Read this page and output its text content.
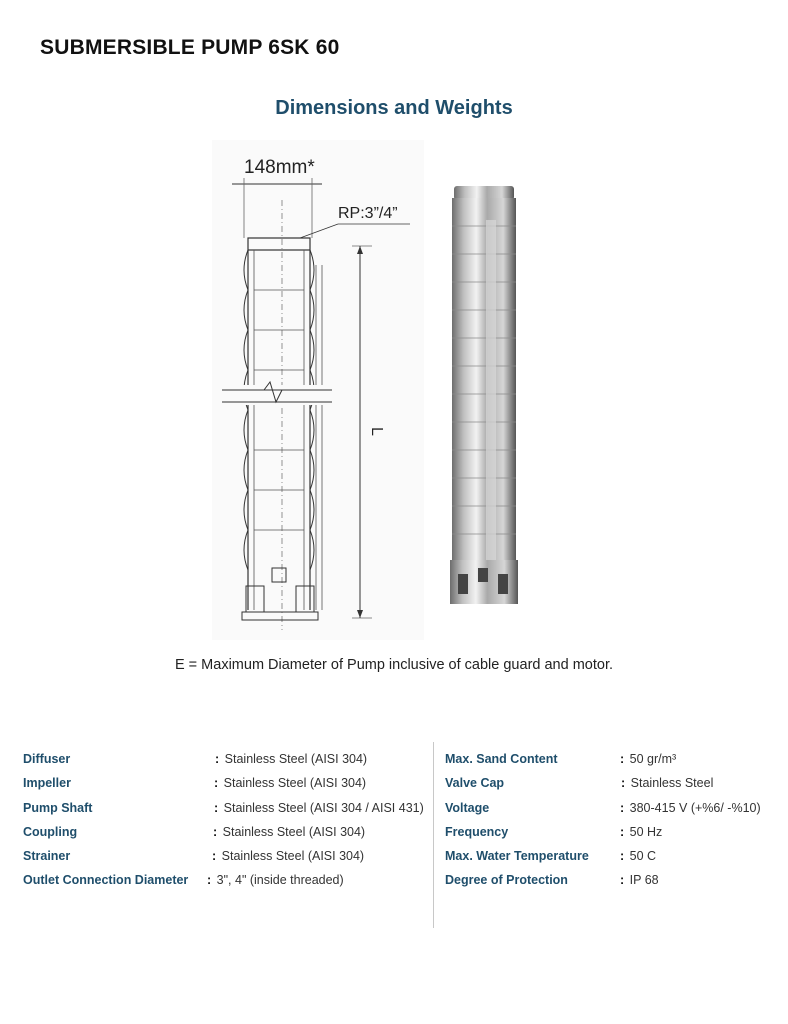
SUBMERSIBLE PUMP 6SK 60
Dimensions and Weights
148mm*
RP:3”/4”
L
E = Maximum Diameter of Pump inclusive of cable guard and motor.
Diffuser	: Stainless Steel (AISI 304)
Impeller	: Stainless Steel (AISI 304)
Pump Shaft	: Stainless Steel (AISI 304 / AISI 431)
Coupling	: Stainless Steel (AISI 304)
Strainer	: Stainless Steel (AISI 304)
Outlet Connection Diameter : 3", 4" (inside threaded)
Max. Sand Content	: 50 gr/m³
Valve Cap	: Stainless Steel
Voltage	: 380-415 V (+%6/ -%10)
Frequency	: 50 Hz
Max. Water Temperature : 50 C
Degree of Protection	: IP 68
